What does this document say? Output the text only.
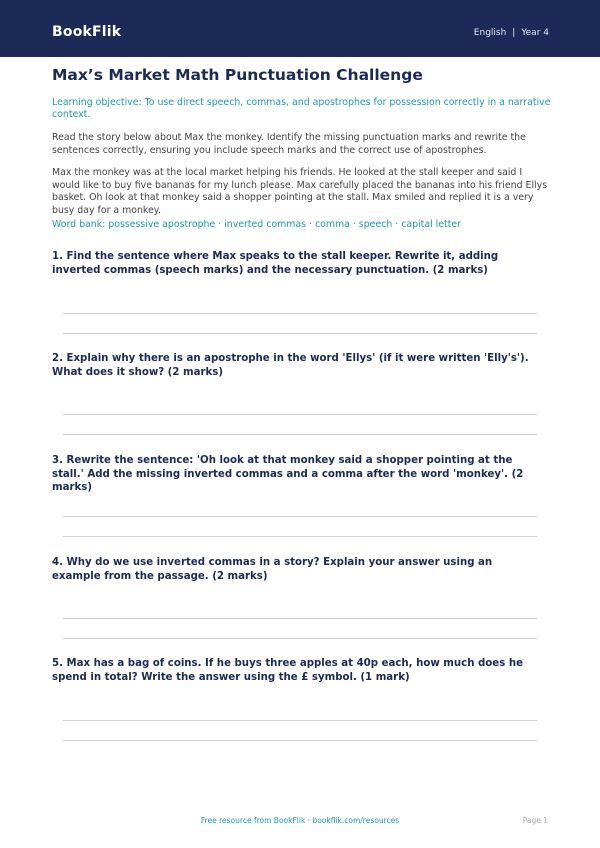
BookFlik	English | Year 4
Max’s Market Math Punctuation Challenge
Learning objective: To use direct speech, commas, and apostrophes for possession correctly in a narrative context.
Read the story below about Max the monkey. Identify the missing punctuation marks and rewrite the sentences correctly, ensuring you include speech marks and the correct use of apostrophes.
Max the monkey was at the local market helping his friends. He looked at the stall keeper and said I would like to buy five bananas for my lunch please. Max carefully placed the bananas into his friend Ellys basket. Oh look at that monkey said a shopper pointing at the stall. Max smiled and replied it is a very busy day for a monkey.
Word bank: possessive apostrophe · inverted commas · comma · speech · capital letter
1. Find the sentence where Max speaks to the stall keeper. Rewrite it, adding inverted commas (speech marks) and the necessary punctuation. (2 marks)
2. Explain why there is an apostrophe in the word 'Ellys' (if it were written 'Elly's'). What does it show? (2 marks)
3. Rewrite the sentence: 'Oh look at that monkey said a shopper pointing at the stall.' Add the missing inverted commas and a comma after the word 'monkey'. (2 marks)
4. Why do we use inverted commas in a story? Explain your answer using an example from the passage. (2 marks)
5. Max has a bag of coins. If he buys three apples at 40p each, how much does he spend in total? Write the answer using the £ symbol. (1 mark)
Free resource from BookFlik · bookflik.com/resources	Page 1
